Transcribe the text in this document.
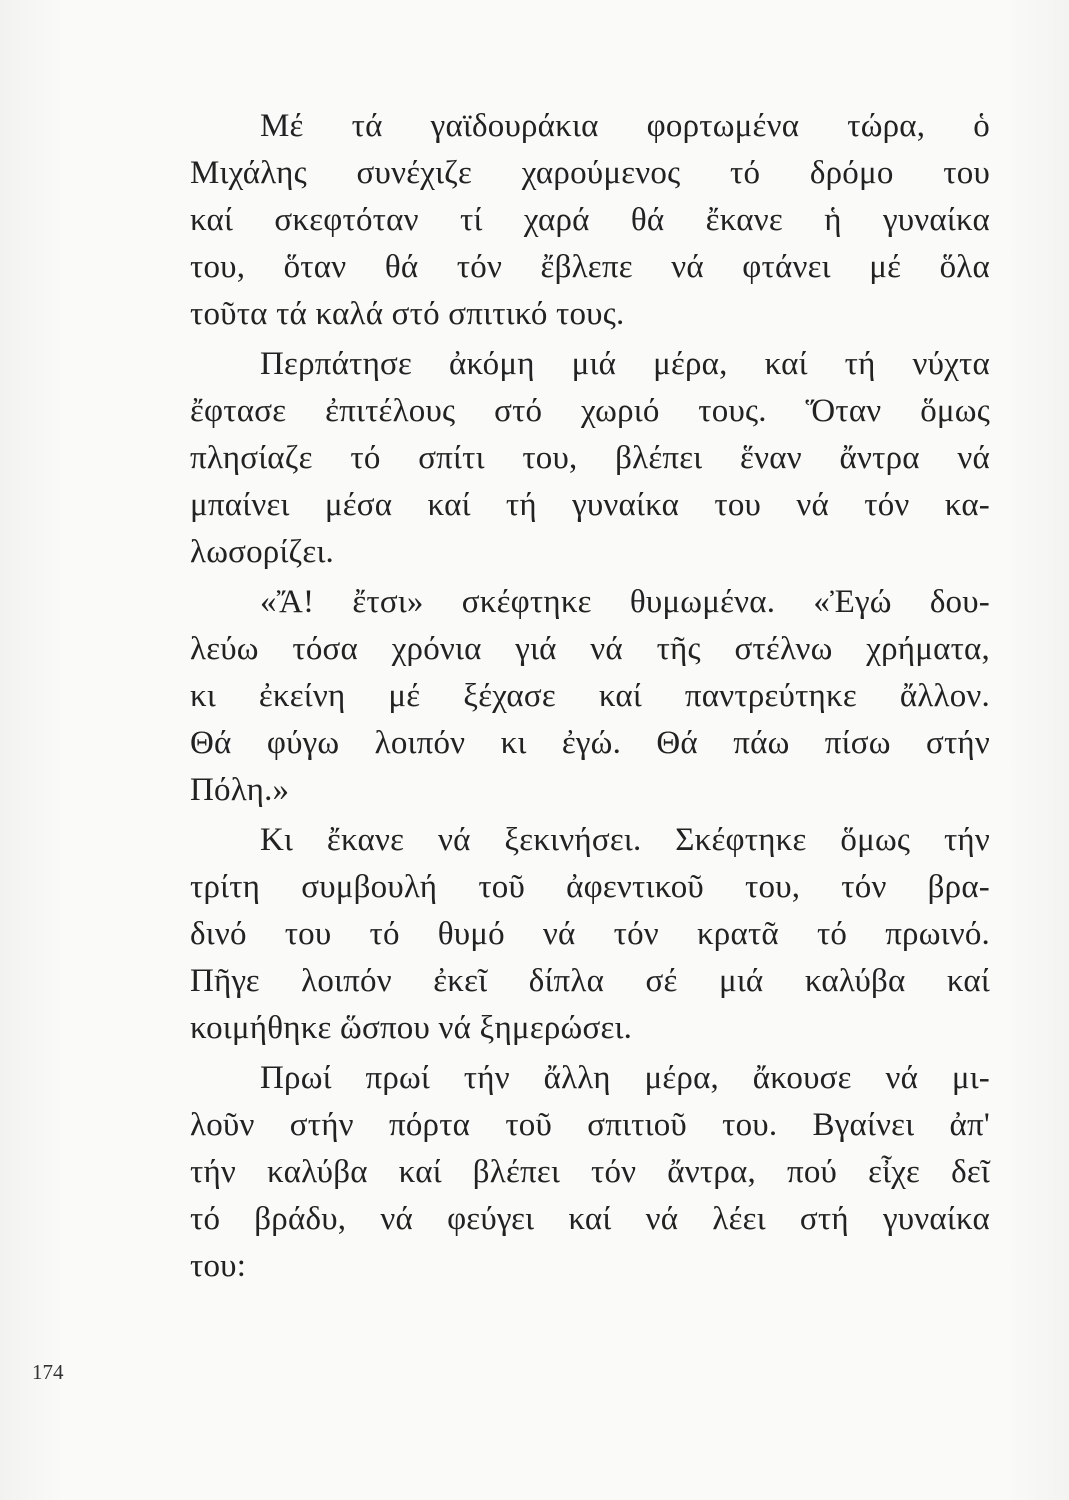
Μέ τά γαϊδουράκια φορτωμένα τώρα, ὁ
Μιχάλης συνέχιζε χαρούμενος τό δρόμο του
καί σκεφτόταν τί χαρά θά ἔκανε ἡ γυναίκα
του, ὅταν θά τόν ἔβλεπε νά φτάνει μέ ὅλα
τοῦτα τά καλά στό σπιτικό τους.
Περπάτησε ἀκόμη μιά μέρα, καί τή νύχτα
ἔφτασε ἐπιτέλους στό χωριό τους. Ὅταν ὅμως
πλησίαζε τό σπίτι του, βλέπει ἕναν ἄντρα νά
μπαίνει μέσα καί τή γυναίκα του νά τόν κα-
λωσορίζει.
«Ἄ! ἔτσι» σκέφτηκε θυμωμένα. «Ἐγώ δου-
λεύω τόσα χρόνια γιά νά τῆς στέλνω χρήματα,
κι ἐκείνη μέ ξέχασε καί παντρεύτηκε ἄλλον.
Θά φύγω λοιπόν κι ἐγώ. Θά πάω πίσω στήν
Πόλη.»
Κι ἔκανε νά ξεκινήσει. Σκέφτηκε ὅμως τήν
τρίτη συμβουλή τοῦ ἀφεντικοῦ του, τόν βρα-
δινό του τό θυμό νά τόν κρατᾶ τό πρωινό.
Πῆγε λοιπόν ἐκεῖ δίπλα σέ μιά καλύβα καί
κοιμήθηκε ὥσπου νά ξημερώσει.
Πρωί πρωί τήν ἄλλη μέρα, ἄκουσε νά μι-
λοῦν στήν πόρτα τοῦ σπιτιοῦ του. Βγαίνει ἀπ'
τήν καλύβα καί βλέπει τόν ἄντρα, πού εἶχε δεῖ
τό βράδυ, νά φεύγει καί νά λέει στή γυναίκα
του:
174
